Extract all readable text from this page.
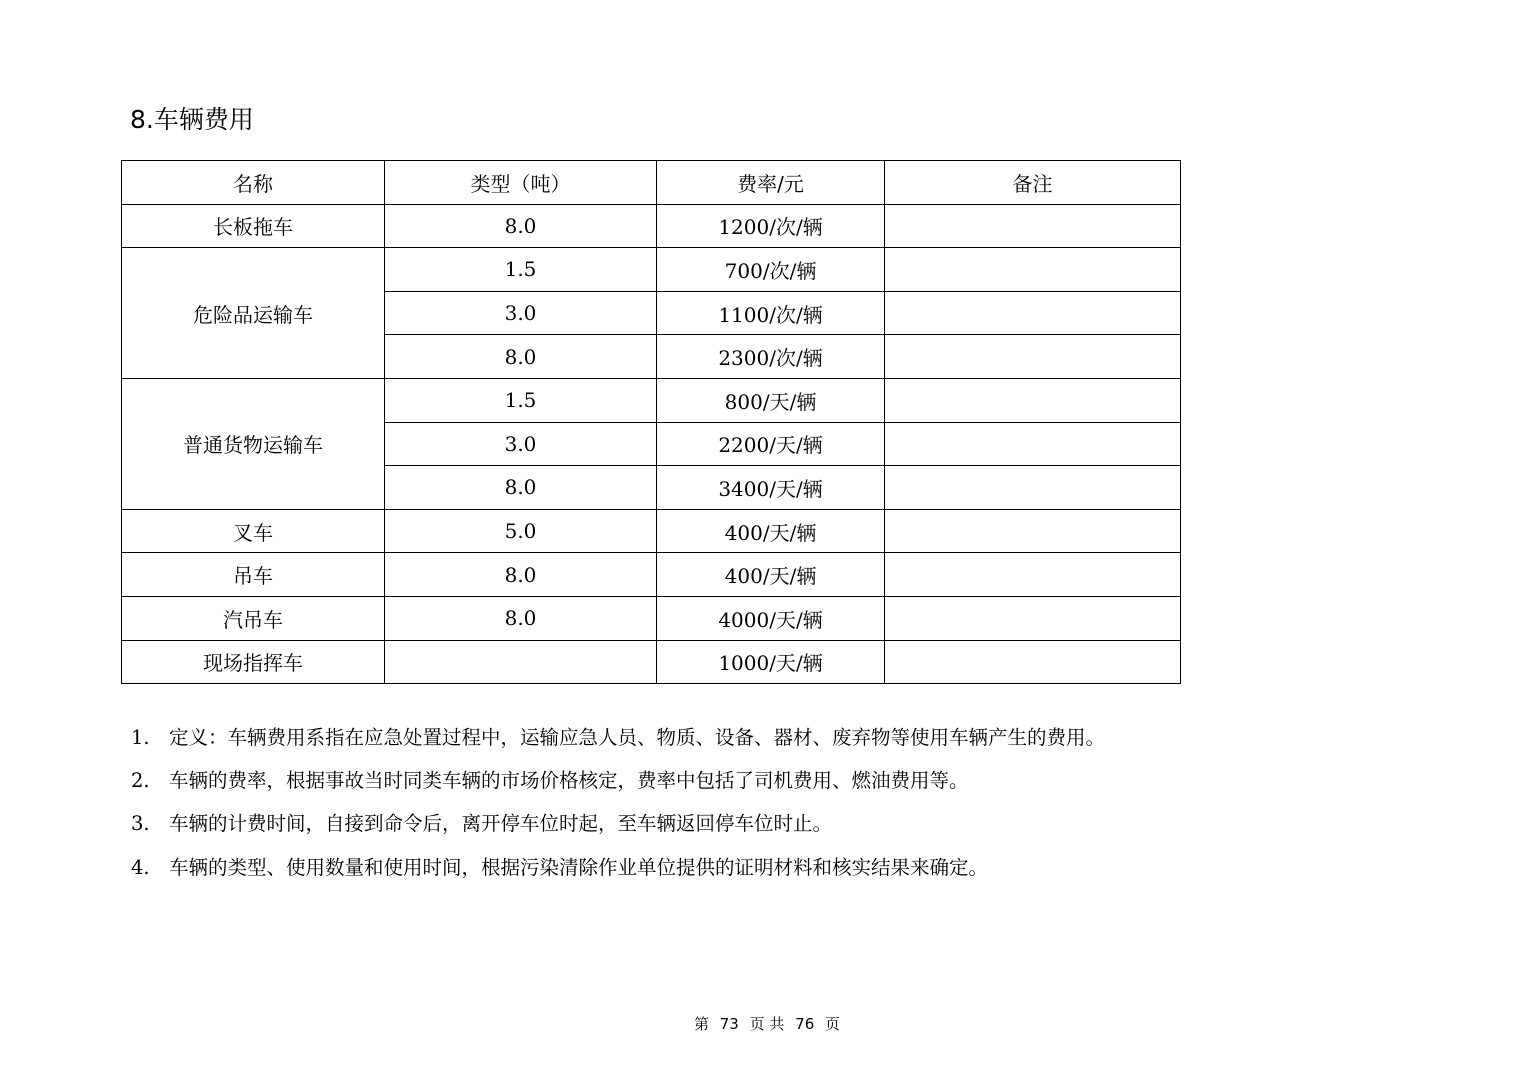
8.车辆费用
名称	类型（吨）	费率/元	备注
长板拖车	8.0	1200/次/辆	
危险品运输车	1.5	700/次/辆	
	3.0	1100/次/辆	
	8.0	2300/次/辆	
普通货物运输车	1.5	800/天/辆	
	3.0	2200/天/辆	
	8.0	3400/天/辆	
叉车	5.0	400/天/辆	
吊车	8.0	400/天/辆	
汽吊车	8.0	4000/天/辆	
现场指挥车		1000/天/辆	
1. 定义：车辆费用系指在应急处置过程中，运输应急人员、物质、设备、器材、废弃物等使用车辆产生的费用。
2. 车辆的费率，根据事故当时同类车辆的市场价格核定，费率中包括了司机费用、燃油费用等。
3. 车辆的计费时间，自接到命令后，离开停车位时起，至车辆返回停车位时止。
4. 车辆的类型、使用数量和使用时间，根据污染清除作业单位提供的证明材料和核实结果来确定。
第 73 页 共 76 页
